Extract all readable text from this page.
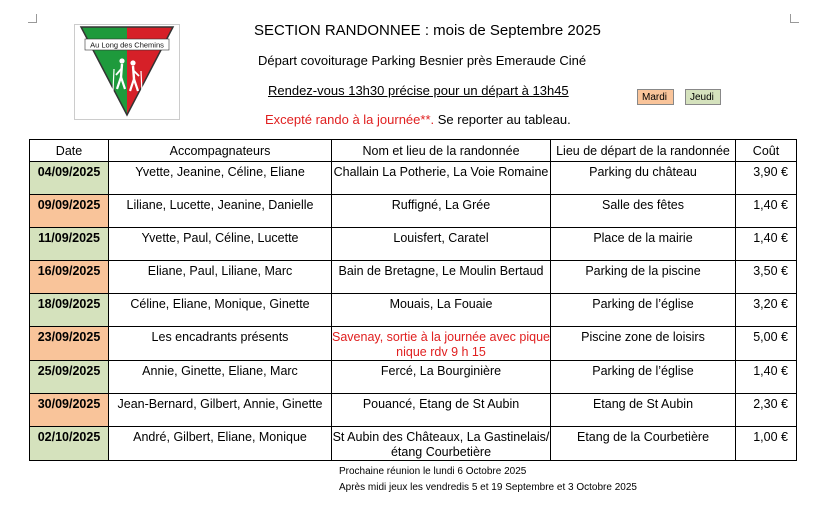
Au Long des Chemins
SECTION RANDONNEE : mois de Septembre 2025
Départ covoiturage Parking Besnier près Emeraude Ciné
Rendez-vous 13h30 précise pour un départ à 13h45
Excepté rando à la journée**. Se reporter au tableau.
Mardi	Jeudi
Date	Accompagnateurs	Nom et lieu de la randonnée	Lieu de départ de la randonnée	Coût
04/09/2025	Yvette, Jeanine, Céline, Eliane	Challain La Potherie, La Voie Romaine	Parking du château	3,90 €
09/09/2025	Liliane, Lucette, Jeanine, Danielle	Ruffigné, La Grée	Salle des fêtes	1,40 €
11/09/2025	Yvette, Paul, Céline, Lucette	Louisfert, Caratel	Place de la mairie	1,40 €
16/09/2025	Eliane, Paul, Liliane, Marc	Bain de Bretagne, Le Moulin Bertaud	Parking de la piscine	3,50 €
18/09/2025	Céline, Eliane, Monique, Ginette	Mouais, La Fouaie	Parking de l’église	3,20 €
23/09/2025	Les encadrants présents	Savenay, sortie à la journée avec pique nique rdv 9 h 15	Piscine zone de loisirs	5,00 €
25/09/2025	Annie, Ginette, Eliane, Marc	Fercé, La Bourginière	Parking de l’église	1,40 €
30/09/2025	Jean-Bernard, Gilbert, Annie, Ginette	Pouancé, Etang de St Aubin	Etang de St Aubin	2,30 €
02/10/2025	André, Gilbert, Eliane, Monique	St Aubin des Châteaux, La Gastinelais/étang Courbetière	Etang de la Courbetière	1,00 €
Prochaine réunion le lundi 6 Octobre 2025
Après midi jeux les vendredis 5 et 19 Septembre et 3 Octobre 2025
